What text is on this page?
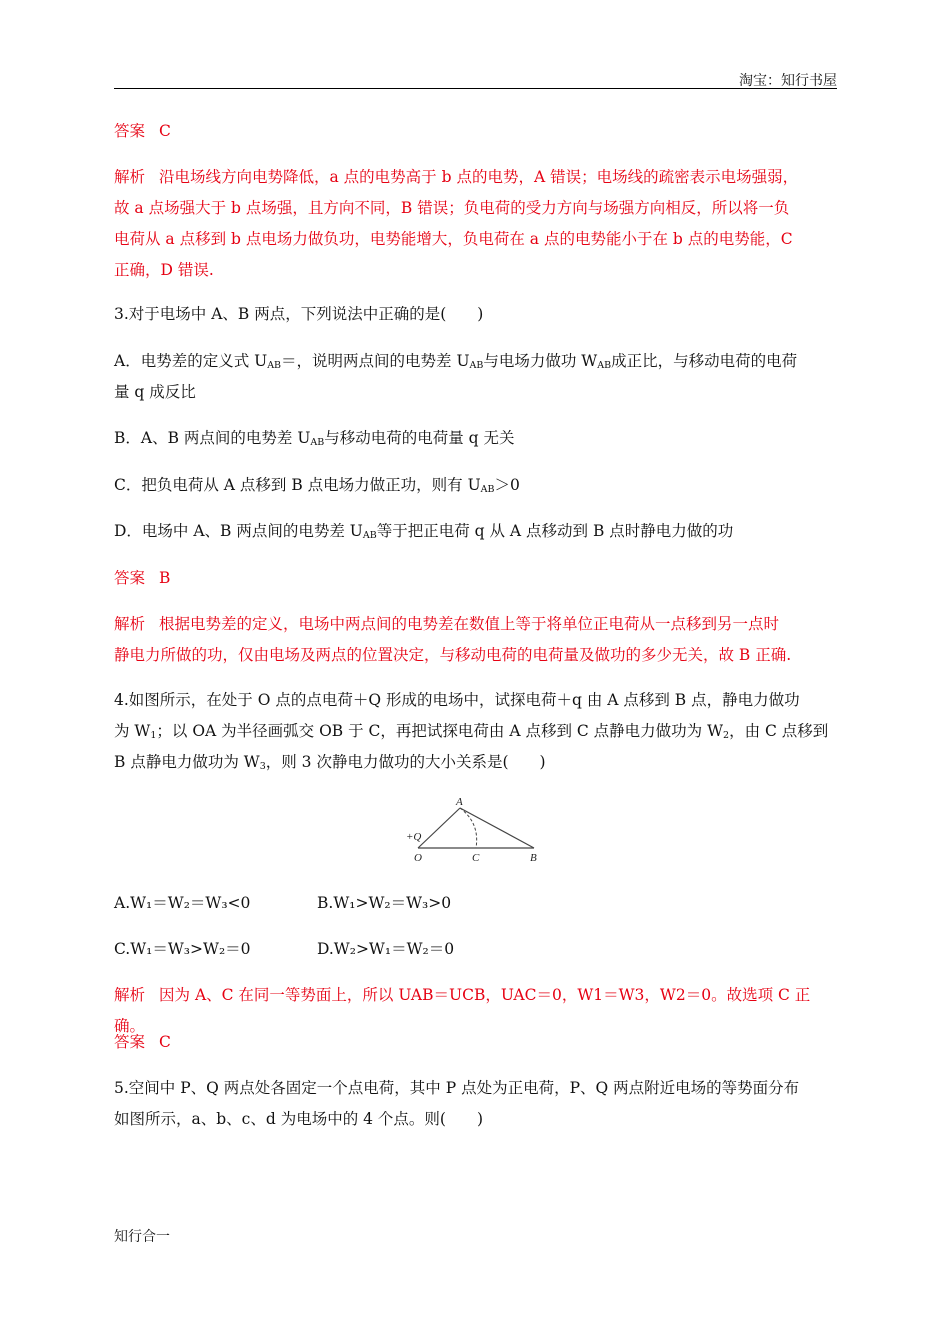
淘宝：知行书屋

答案 C

解析 沿电场线方向电势降低，a 点的电势高于 b 点的电势，A 错误；电场线的疏密表示电场强弱，

故 a 点场强大于 b 点场强，且方向不同，B 错误；负电荷的受力方向与场强方向相反，所以将一负

电荷从 a 点移到 b 点电场力做负功，电势能增大，负电荷在 a 点的电势能小于在 b 点的电势能，C

正确，D 错误.

3.对于电场中 A、B 两点，下列说法中正确的是(　　)

A．电势差的定义式 $U_{AB}=$，说明两点间的电势差 $U_{AB}$与电场力做功 $W_{AB}$成正比，与移动电荷的电荷

量 q 成反比

B．A、B 两点间的电势差 $U_{AB}$与移动电荷的电荷量 q 无关

C．把负电荷从 A 点移到 B 点电场力做正功，则有 $U_{AB}>0$

D．电场中 A、B 两点间的电势差 $U_{AB}$等于把正电荷 q 从 A 点移动到 B 点时静电力做的功

答案 B

解析 根据电势差的定义，电场中两点间的电势差在数值上等于将单位正电荷从一点移到另一点时

静电力所做的功，仅由电场及两点的位置决定，与移动电荷的电荷量及做功的多少无关，故 B 正确.

4.如图所示，在处于 O 点的点电荷＋Q 形成的电场中，试探电荷＋q 由 A 点移到 B 点，静电力做功

为 $W_1$；以 OA 为半径画弧交 OB 于 C，再把试探电荷由 A 点移到 C 点静电力做功为 $W_2$，由 C 点移到

B 点静电力做功为 $W_3$，则 3 次静电力做功的大小关系是(　　)

A
+Q
O	C	B
A.W₁＝W₂＝W₃<0	B.W₁>W₂＝W₃>0
C.W₁＝W₃>W₂＝0	D.W₂>W₁＝W₂＝0

解析 因为 A、C 在同一等势面上，所以 UAB＝UCB，UAC＝0，W1＝W3，W2＝0。故选项 C 正确。

答案 C

5.空间中 P、Q 两点处各固定一个点电荷，其中 P 点处为正电荷，P、Q 两点附近电场的等势面分布

如图所示，a、b、c、d 为电场中的 4 个点。则(　　)

知行合一
